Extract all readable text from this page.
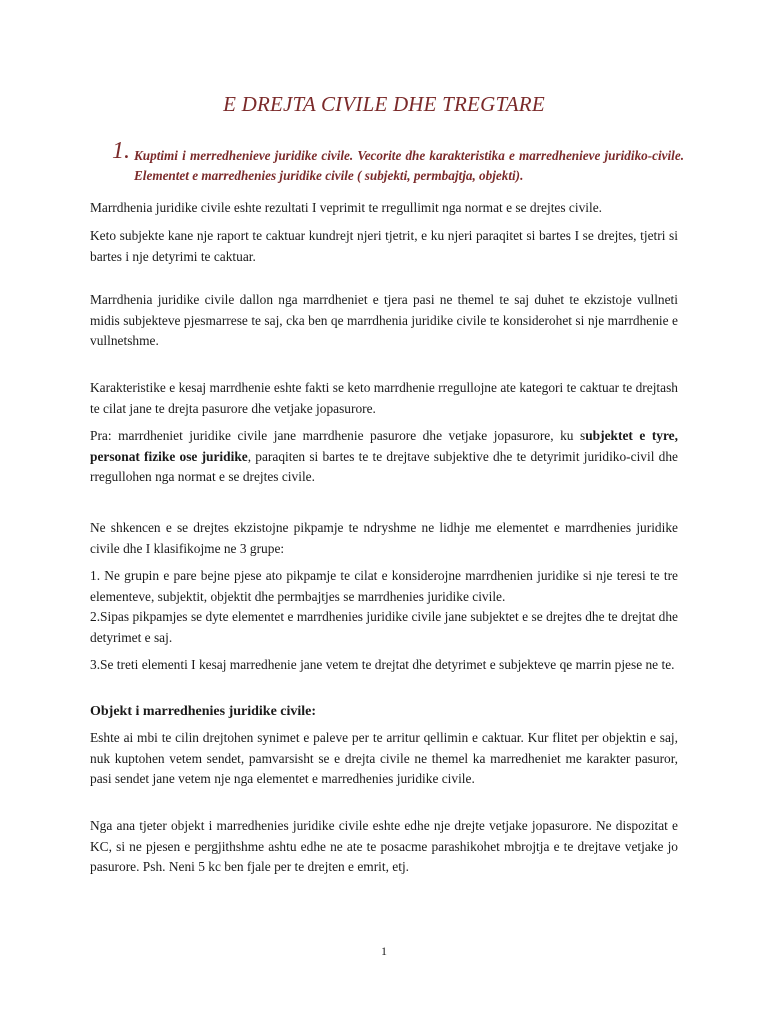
E DREJTA CIVILE DHE TREGTARE
1. Kuptimi i merredhenieve juridike civile. Vecorite dhe karakteristika e marredhenieve juridiko-civile. Elementet e marredhenies juridike civile ( subjekti, permbajtja, objekti).

Marrdhenia juridike civile eshte rezultati I veprimit te rregullimit nga normat e se drejtes civile.

Keto subjekte kane nje raport te caktuar kundrejt njeri tjetrit, e ku njeri paraqitet si bartes I se drejtes, tjetri si bartes i nje detyrimi te caktuar.

Marrdhenia juridike civile dallon nga marrdheniet e tjera pasi ne themel te saj duhet te ekzistoje vullneti midis subjekteve pjesmarrese te saj, cka ben qe marrdhenia juridike civile te konsiderohet si nje marrdhenie e vullnetshme.

Karakteristike e kesaj marrdhenie eshte fakti se keto marrdhenie rregullojne ate kategori te caktuar te drejtash te cilat jane te drejta pasurore dhe vetjake jopasurore.

Pra: marrdheniet juridike civile jane marrdhenie pasurore dhe vetjake jopasurore, ku subjektet e tyre, personat fizike ose juridike, paraqiten si bartes te te drejtave subjektive dhe te detyrimit juridiko-civil dhe rregullohen nga normat e se drejtes civile.

Ne shkencen e se drejtes ekzistojne pikpamje te ndryshme ne lidhje me elementet e marrdhenies juridike civile dhe I klasifikojme ne 3 grupe:

1. Ne grupin e pare bejne pjese ato pikpamje te cilat e konsiderojne marrdhenien juridike si nje teresi te tre elementeve, subjektit, objektit dhe permbajtjes se marrdhenies juridike civile.

2.Sipas pikpamjes se dyte elementet e marrdhenies juridike civile jane subjektet e se drejtes dhe te drejtat dhe detyrimet e saj.

3.Se treti elementi I kesaj marredhenie jane vetem te drejtat dhe detyrimet e subjekteve qe marrin pjese ne te.

Objekt i marredhenies juridike civile:

Eshte ai mbi te cilin drejtohen synimet e paleve per te arritur qellimin e caktuar. Kur flitet per objektin e saj, nuk kuptohen vetem sendet, pamvarsisht se e drejta civile ne themel ka marredheniet me karakter pasuror, pasi sendet jane vetem nje nga elementet e marredhenies juridike civile.

Nga ana tjeter objekt i marredhenies juridike civile eshte edhe nje drejte vetjake jopasurore. Ne dispozitat e KC, si ne pjesen e pergjithshme ashtu edhe ne ate te posacme parashikohet mbrojtja e te drejtave vetjake jo pasurore. Psh. Neni 5 kc ben fjale per te drejten e emrit, etj.

1
